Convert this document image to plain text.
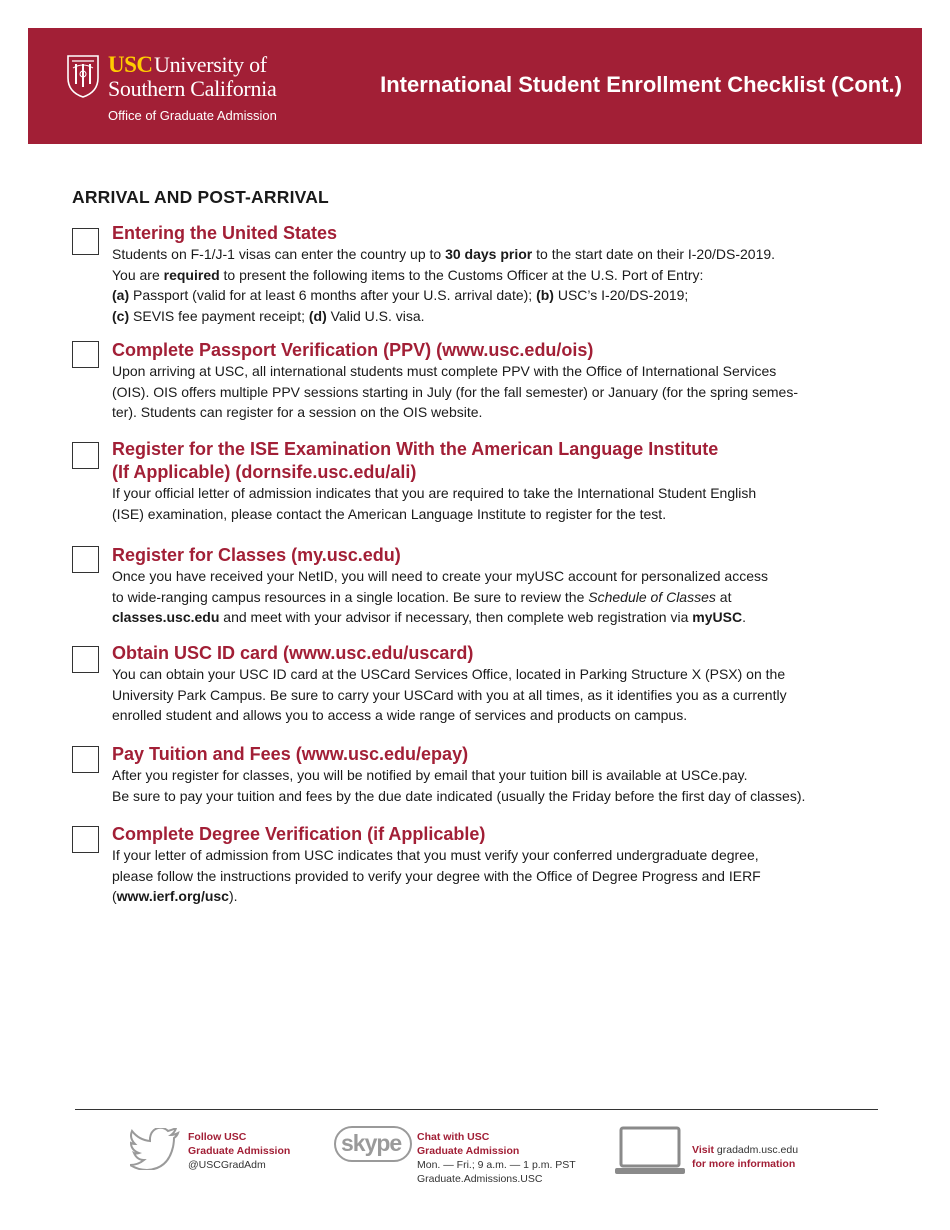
USC University of
Southern California
Office of Graduate Admission
International Student Enrollment Checklist (Cont.)
ARRIVAL AND POST-ARRIVAL
Entering the United States
Students on F-1/J-1 visas can enter the country up to 30 days prior to the start date on their I-20/DS-2019.
You are required to present the following items to the Customs Officer at the U.S. Port of Entry:
(a) Passport (valid for at least 6 months after your U.S. arrival date); (b) USC’s I-20/DS-2019;
(c) SEVIS fee payment receipt; (d) Valid U.S. visa.
Complete Passport Verification (PPV) (www.usc.edu/ois)
Upon arriving at USC, all international students must complete PPV with the Office of International Services
(OIS). OIS offers multiple PPV sessions starting in July (for the fall semester) or January (for the spring semes-
ter). Students can register for a session on the OIS website.
Register for the ISE Examination With the American Language Institute
(If Applicable) (dornsife.usc.edu/ali)
If your official letter of admission indicates that you are required to take the International Student English
(ISE) examination, please contact the American Language Institute to register for the test.
Register for Classes (my.usc.edu)
Once you have received your NetID, you will need to create your myUSC account for personalized access
to wide-ranging campus resources in a single location. Be sure to review the Schedule of Classes at
classes.usc.edu and meet with your advisor if necessary, then complete web registration via myUSC.
Obtain USC ID card (www.usc.edu/uscard)
You can obtain your USC ID card at the USCard Services Office, located in Parking Structure X (PSX) on the
University Park Campus. Be sure to carry your USCard with you at all times, as it identifies you as a currently
enrolled student and allows you to access a wide range of services and products on campus.
Pay Tuition and Fees (www.usc.edu/epay)
After you register for classes, you will be notified by email that your tuition bill is available at USCe.pay.
Be sure to pay your tuition and fees by the due date indicated (usually the Friday before the first day of classes).
Complete Degree Verification (if Applicable)
If your letter of admission from USC indicates that you must verify your conferred undergraduate degree,
please follow the instructions provided to verify your degree with the Office of Degree Progress and IERF
(www.ierf.org/usc).
Follow USC
Graduate Admission
@USCGradAdm
skype Chat with USC
Graduate Admission
Mon. — Fri.; 9 a.m. — 1 p.m. PST
Graduate.Admissions.USC
Visit gradadm.usc.edu
for more information
